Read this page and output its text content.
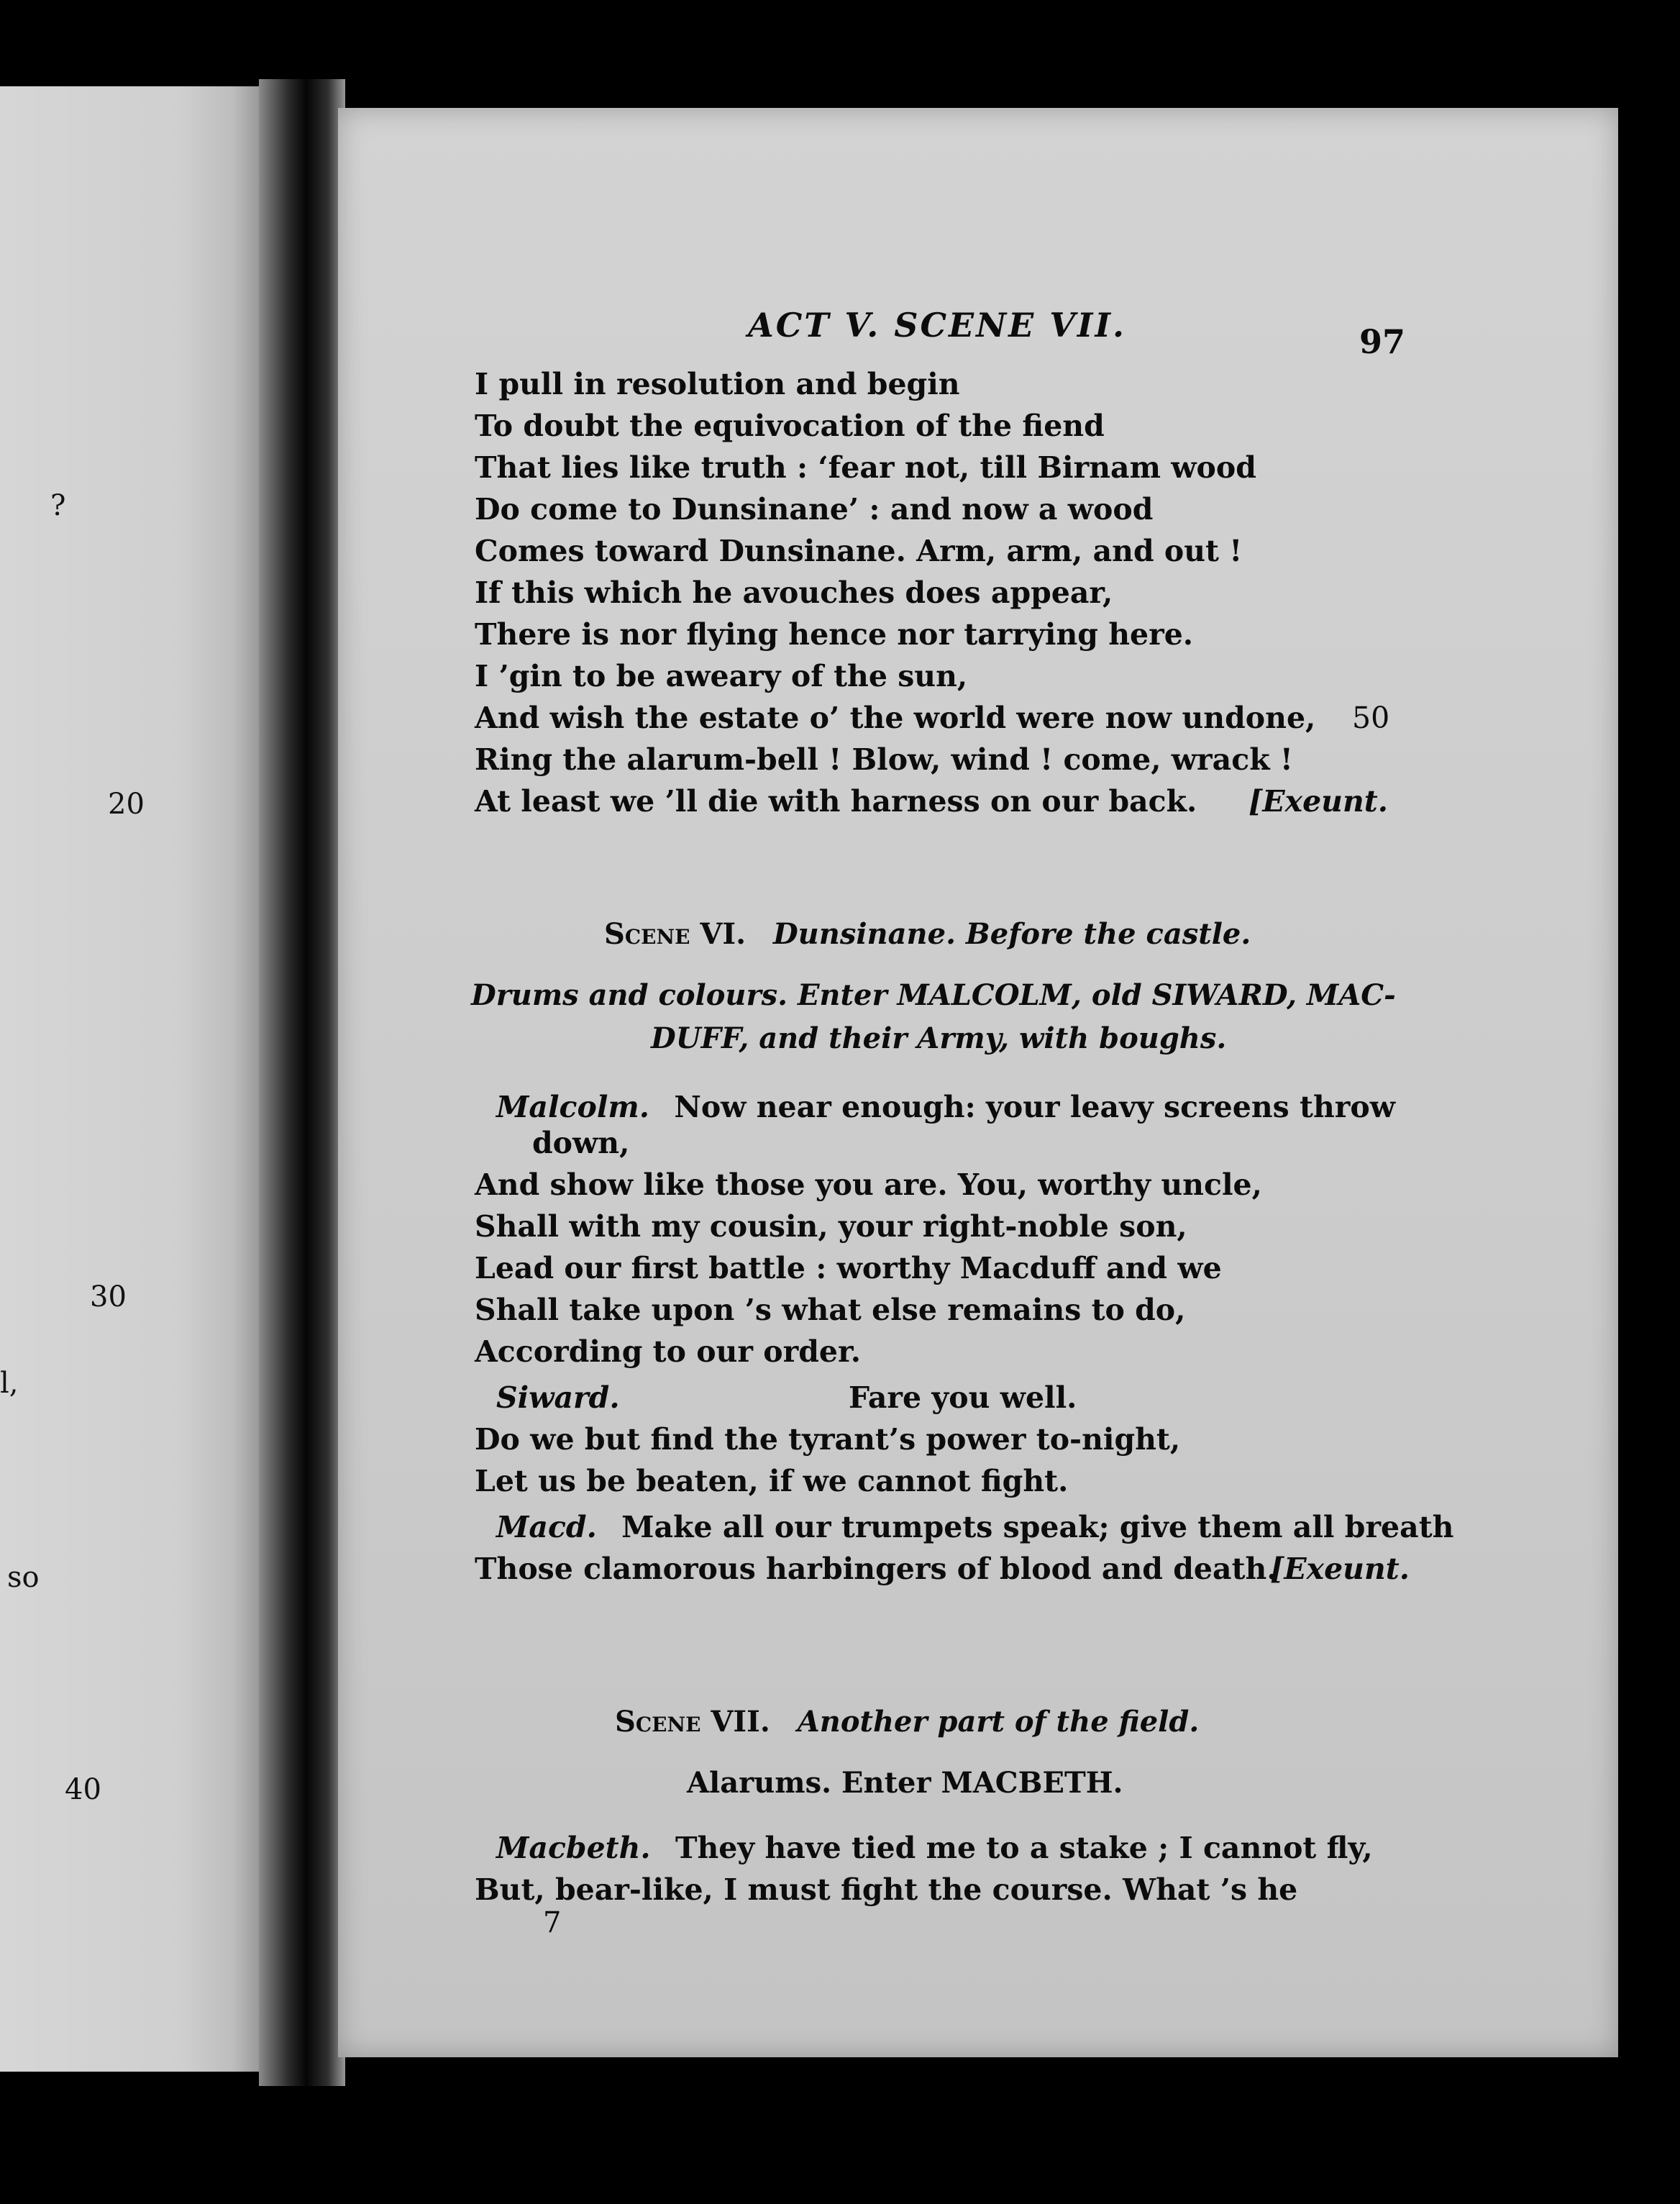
?
20
30
l,
so
40
ACT V. SCENE VII.	97
I pull in resolution and begin
To doubt the equivocation of the fiend
That lies like truth : ‘fear not, till Birnam wood
Do come to Dunsinane’ : and now a wood
Comes toward Dunsinane. Arm, arm, and out !
If this which he avouches does appear,
There is nor flying hence nor tarrying here.
I ’gin to be aweary of the sun,
And wish the estate o’ the world were now undone, 50
Ring the alarum-bell ! Blow, wind ! come, wrack !
At least we ’ll die with harness on our back. [Exeunt.
Scene VI. Dunsinane. Before the castle.
Drums and colours. Enter MALCOLM, old SIWARD, MAC-
DUFF, and their Army, with boughs.
Malcolm. Now near enough: your leavy screens throw
down,
And show like those you are. You, worthy uncle,
Shall with my cousin, your right-noble son,
Lead our first battle : worthy Macduff and we
Shall take upon ’s what else remains to do,
According to our order.
Siward.	Fare you well.
Do we but find the tyrant’s power to-night,
Let us be beaten, if we cannot fight.
Macd. Make all our trumpets speak; give them all breath
Those clamorous harbingers of blood and death.
[Exeunt.
Scene VII. Another part of the field.
Alarums. Enter MACBETH.
Macbeth. They have tied me to a stake ; I cannot fly,
But, bear-like, I must fight the course. What ’s he
7
